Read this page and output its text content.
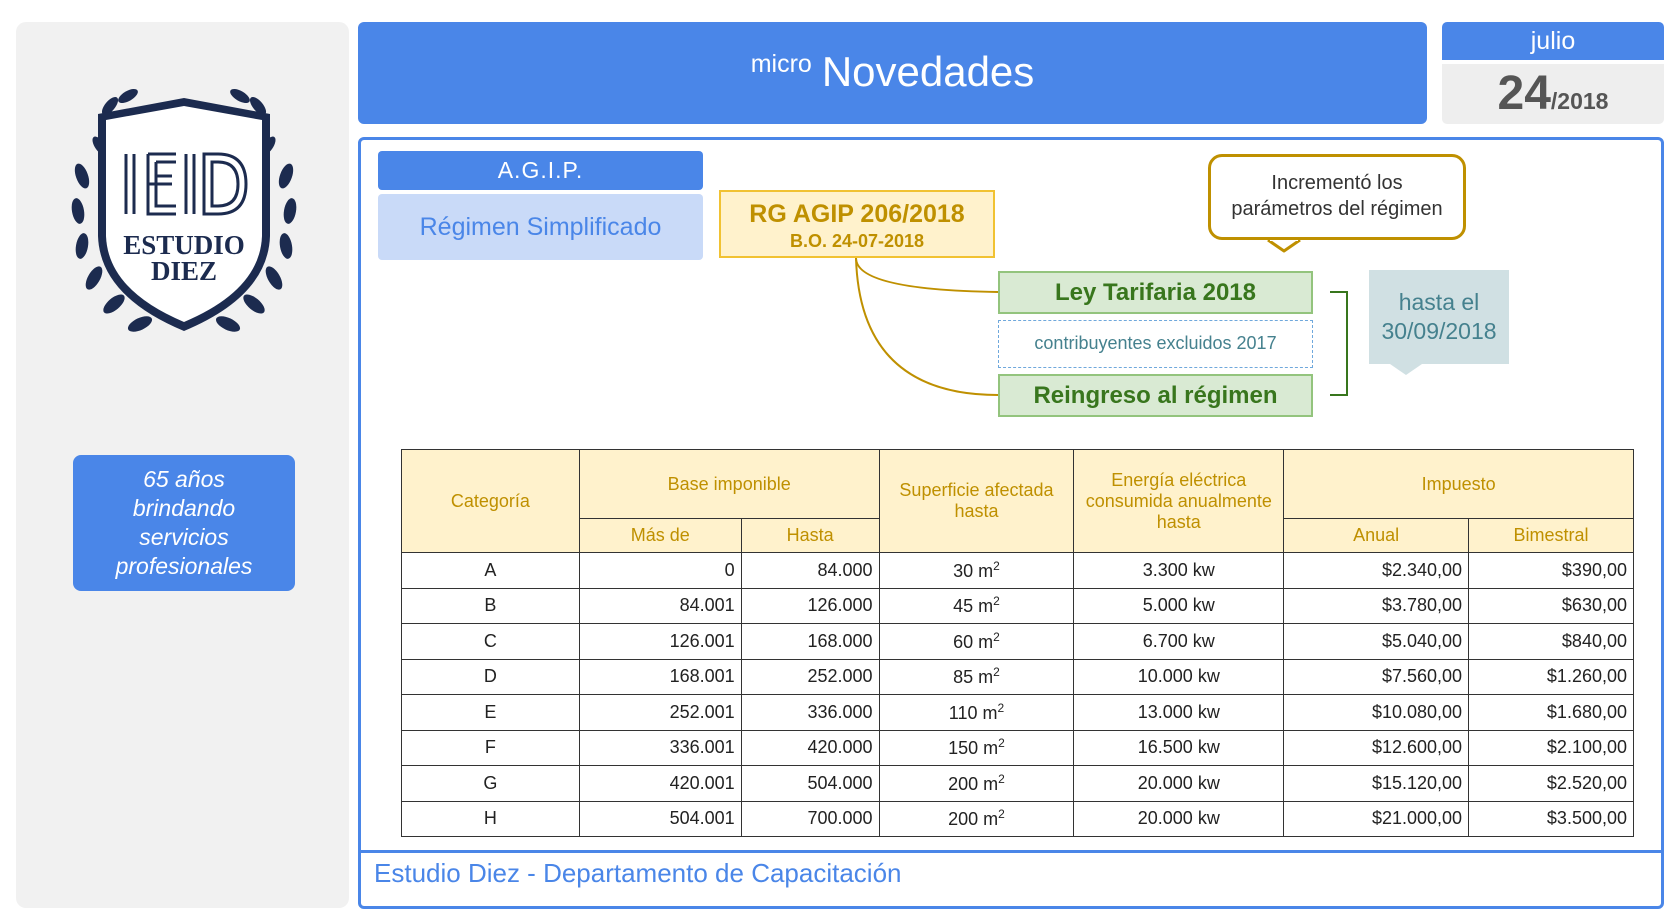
ESTUDIO
DIEZ
65 años
brindando
servicios
profesionales
micro Novedades
julio
24/2018
Estudio Diez - Departamento de Capacitación
A.G.I.P.
Régimen Simplificado	RG AGIP 206/2018
B.O. 24-07-2018
Incrementó los
parámetros del régimen
Ley Tarifaria 2018
contribuyentes excluidos 2017
Reingreso al régimen
hasta el
30/09/2018
Categoría	Base imponible		Superficie afectada hasta	Energía eléctrica consumida anualmente hasta	Impuesto	
	Más de	Hasta			Anual	Bimestral
A	0	84.000	30 $m^2$	3.300 kw	$2.340,00	$390,00
B	84.001	126.000	45 $m^2$	5.000 kw	$3.780,00	$630,00
C	126.001	168.000	60 $m^2$	6.700 kw	$5.040,00	$840,00
D	168.001	252.000	85 $m^2$	10.000 kw	$7.560,00	$1.260,00
E	252.001	336.000	110 $m^2$	13.000 kw	$10.080,00	$1.680,00
F	336.001	420.000	150 $m^2$	16.500 kw	$12.600,00	$2.100,00
G	420.001	504.000	200 $m^2$	20.000 kw	$15.120,00	$2.520,00
H	504.001	700.000	200 $m^2$	20.000 kw	$21.000,00	$3.500,00
